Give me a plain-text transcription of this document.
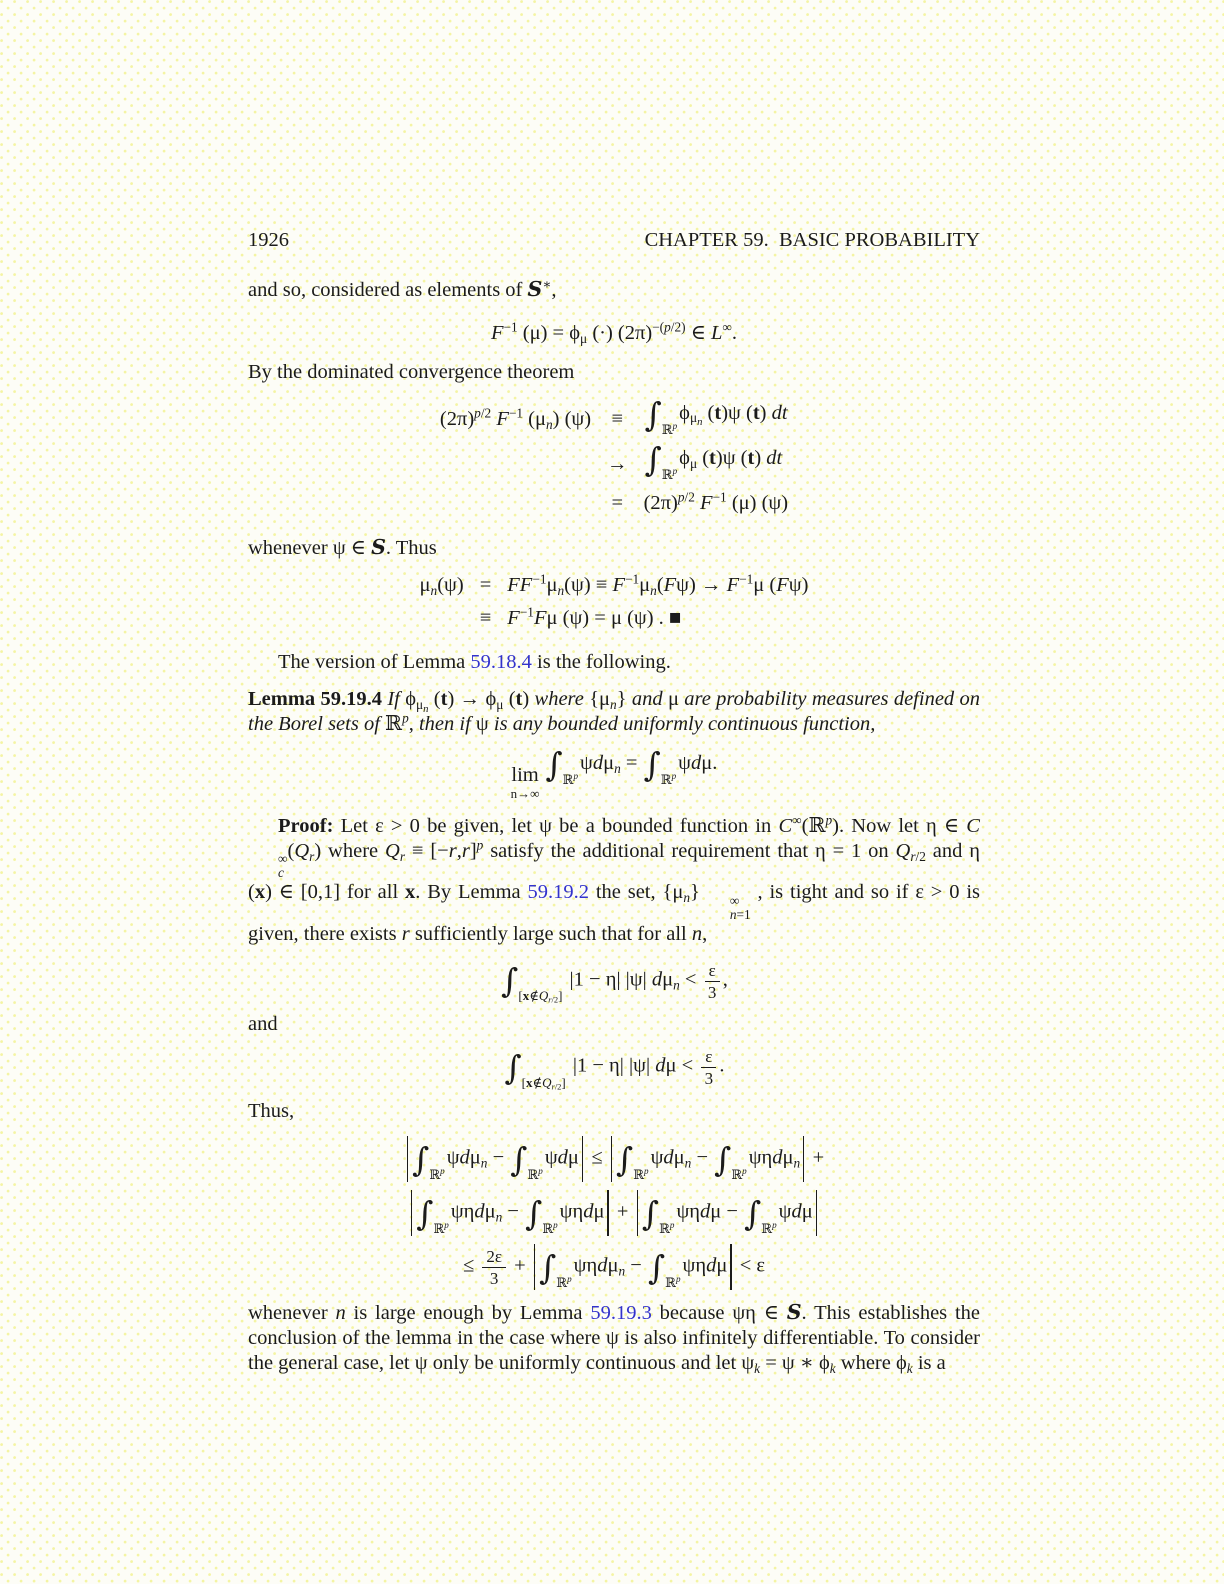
1926	CHAPTER 59.  BASIC PROBABILITY

and so, considered as elements of S∗,

$F^{-1}$ $(\mu) = \phi_\mu$ (·) $(2\pi)^{-(p/2)}$ ∈ L∞.

By the dominated convergence theorem

$(2\pi)^{p/2}$ $F^{-1}$ $(\mu_n) (\psi) \equiv \int_{ℝ^p}\phi_{\mu_n}$ (t)ψ (t) dt
→ $\int_{ℝ^p}\phi_\mu$ (t)ψ (t) dt
= $(2\pi)^{p/2}$ $F^{-1}$ (μ) (ψ)

whenever ψ ∈ S. Thus

$\mu_n(\psi) = FF^{-1}\mu_n(\psi) \equiv F^{-1}\mu_n(F\psi) \to F^{-1}\mu$ (Fψ)
≡ $F^{-1}F\mu$ (ψ) = μ (ψ) . ■

The version of Lemma 59.18.4 is the following.

Lemma 59.19.4 If $\phi_{\mu_n}$ $(t) \to \phi_\mu$ (t) where $\{\mu_n\}$ and μ are probability measures defined on the Borel sets of ℝ$^p$, then if ψ is any bounded uniformly continuous function,

lim
n→∞
$\int_{ℝ^p}\psi d\mu_n = \int_{ℝ^p}\psi d\mu$.

Proof: Let ε > 0 be given, let ψ be a bounded function in C∞(ℝ$^p$). Now let η ∈ C
∞
c
$(Q_r)$ where $Q_r \equiv [-r,r]^p$ satisfy the additional requirement that η = 1 on $Q_{r/2}$ and η (x) ∈ [0,1] for all x. By Lemma 59.19.2 the set, $\{\mu_n\}$	∞
n=1
, is tight and so if ε > 0 is given, there exists r sufficiently large such that for all n,

$\int_{[x\notin Q_{r/2}]}$ |1 − η| |ψ| $d\mu_n < \frac{\varepsilon}{3}$ ,

and

$\int_{[x\notin Q_{r/2}]}$ |1 − η| |ψ| $d\mu < \frac{\varepsilon}{3}$ .

Thus,

$\int_{ℝ^p}\psi d\mu_n - \int_{ℝ^p}\psi d\mu \le \int_{ℝ^p}\psi d\mu_n - \int_{ℝ^p}\psi\eta d\mu_n$ +
$\int_{ℝ^p}\psi\eta d\mu_n - \int_{ℝ^p}\psi\eta d\mu + \int_{ℝ^p}\psi\eta d\mu - \int_{ℝ^p}\psi d\mu$
≤ $\frac{2\varepsilon}{3} + \int_{ℝ^p}\psi\eta d\mu_n - \int_{ℝ^p}\psi\eta d\mu < \varepsilon$

whenever n is large enough by Lemma 59.19.3 because ψη ∈ S. This establishes the conclusion of the lemma in the case where ψ is also infinitely differentiable. To consider the general case, let ψ only be uniformly continuous and let $\psi_k = \psi$ ∗ $\phi_k$ where $\phi_k$ is a
